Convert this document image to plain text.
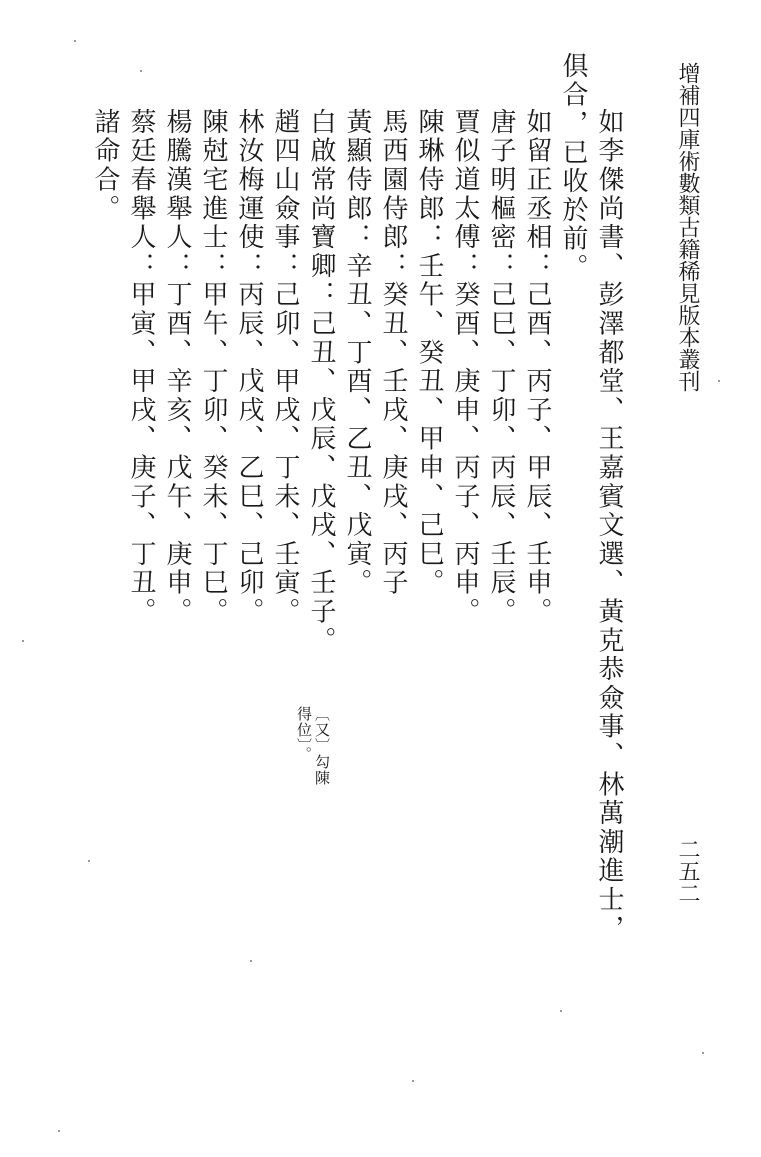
增補四庫術數類古籍稀見版本叢刊
二五二
如李傑尚書、彭澤都堂、王嘉賓文選、黃克恭僉事、林萬潮進士，
俱合，已收於前。
如留正丞相：己酉、丙子、甲辰、壬申。
唐子明樞密：己巳、丁卯、丙辰、壬辰。
賈似道太傅：癸酉、庚申、丙子、丙申。
陳琳侍郎：壬午、癸丑、甲申、己巳。
馬西園侍郎：癸丑、壬戌、庚戌、丙子
黃顯侍郎：辛丑、丁酉、乙丑、戊寅。
白啟常尚寶卿：己丑、戊辰、戊戌、壬子。
趙四山僉事：己卯、甲戌、丁未、壬寅。
林汝梅運使：丙辰、戊戌、乙巳、己卯。
陳尅宅進士：甲午、丁卯、癸未、丁巳。
楊騰漢舉人：丁酉、辛亥、戊午、庚申。
蔡廷春舉人：甲寅、甲戌、庚子、丁丑。
諸命合。
〔又〕勾陳
得位〕。
